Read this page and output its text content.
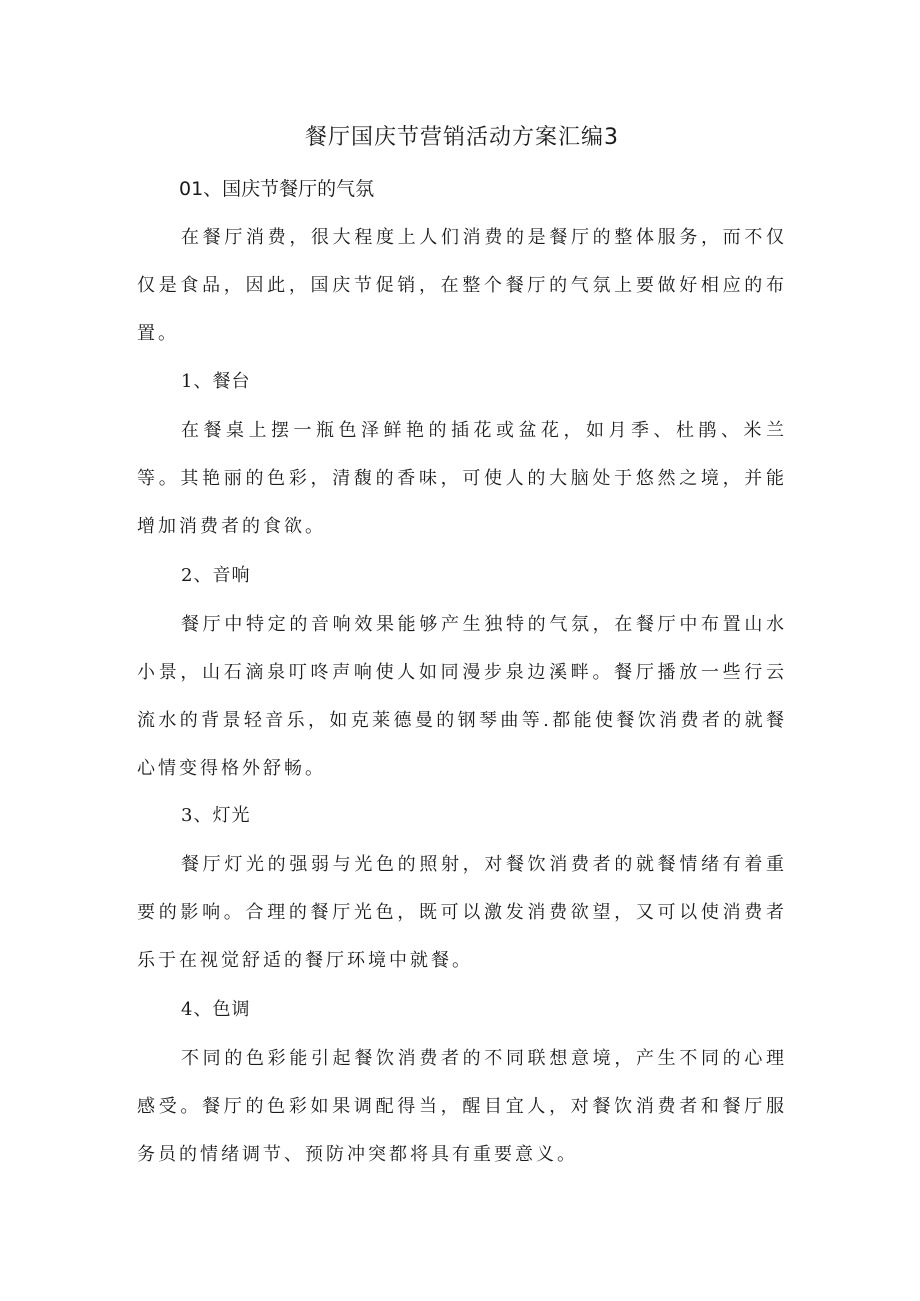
餐厅国庆节营销活动方案汇编3
01、国庆节餐厅的气氛

在餐厅消费，很大程度上人们消费的是餐厅的整体服务，而不仅仅是食品，因此，国庆节促销，在整个餐厅的气氛上要做好相应的布置。

1、餐台

在餐桌上摆一瓶色泽鲜艳的插花或盆花，如月季、杜鹃、米兰等。其艳丽的色彩，清馥的香味，可使人的大脑处于悠然之境，并能增加消费者的食欲。

2、音响

餐厅中特定的音响效果能够产生独特的气氛，在餐厅中布置山水小景，山石滴泉叮咚声响使人如同漫步泉边溪畔。餐厅播放一些行云流水的背景轻音乐，如克莱德曼的钢琴曲等.都能使餐饮消费者的就餐心情变得格外舒畅。

3、灯光

餐厅灯光的强弱与光色的照射，对餐饮消费者的就餐情绪有着重要的影响。合理的餐厅光色，既可以激发消费欲望，又可以使消费者乐于在视觉舒适的餐厅环境中就餐。

4、色调

不同的色彩能引起餐饮消费者的不同联想意境，产生不同的心理感受。餐厅的色彩如果调配得当，醒目宜人，对餐饮消费者和餐厅服务员的情绪调节、预防冲突都将具有重要意义。
